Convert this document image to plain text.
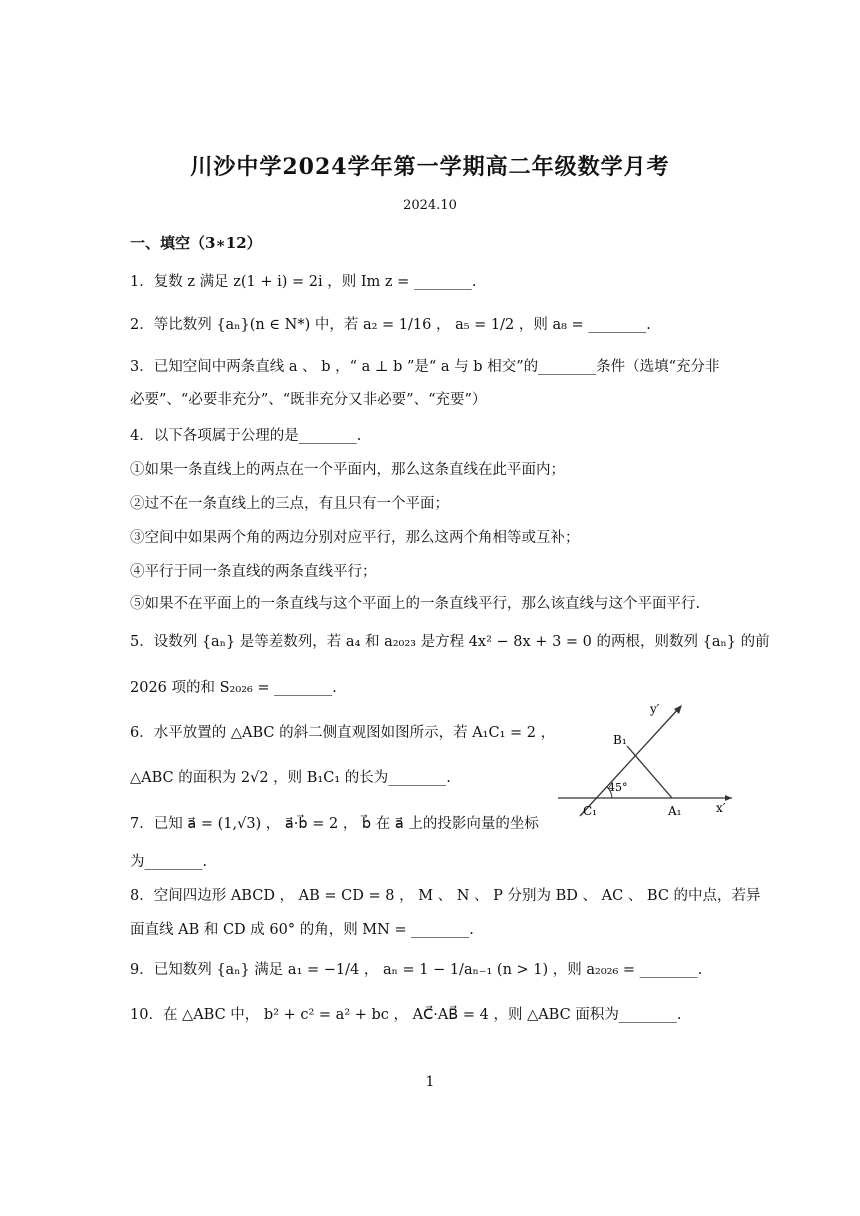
川沙中学2024学年第一学期高二年级数学月考
2024.10
一、填空（3∗12）
1．复数 z 满足 z(1 + i) = 2i ，则 Im z = ________.
2．等比数列 {aₙ}(n ∈ N*) 中，若 a₂ = 1/16 ， a₅ = 1/2 ，则 a₈ = ________.
3．已知空间中两条直线 a 、 b ，“ a ⊥ b ”是“ a 与 b 相交”的________条件（选填“充分非
必要”、“必要非充分”、“既非充分又非必要”、“充要”）
4．以下各项属于公理的是________.
①如果一条直线上的两点在一个平面内，那么这条直线在此平面内；
②过不在一条直线上的三点，有且只有一个平面；
③空间中如果两个角的两边分别对应平行，那么这两个角相等或互补；
④平行于同一条直线的两条直线平行；
⑤如果不在平面上的一条直线与这个平面上的一条直线平行，那么该直线与这个平面平行.
5．设数列 {aₙ} 是等差数列，若 a₄ 和 a₂₀₂₃ 是方程 4x² − 8x + 3 = 0 的两根，则数列 {aₙ} 的前
2026 项的和 S₂₀₂₆ = ________.
6．水平放置的 △ABC 的斜二侧直观图如图所示，若 A₁C₁ = 2 ，
△ABC 的面积为 2√2 ，则 B₁C₁ 的长为________.
7．已知 a⃗ = (1,√3) ， a⃗·b⃗ = 2 ， b⃗ 在 a⃗ 上的投影向量的坐标
为________.
8．空间四边形 ABCD ， AB = CD = 8 ， M 、 N 、 P 分别为 BD 、 AC 、 BC 的中点，若异
面直线 AB 和 CD 成 60° 的角，则 MN = ________.
9．已知数列 {aₙ} 满足 a₁ = −1/4 ， aₙ = 1 − 1/aₙ₋₁ (n > 1) ，则 a₂₀₂₆ = ________.
10．在 △ABC 中， b² + c² = a² + bc ， AC⃗·AB⃗ = 4 ，则 △ABC 面积为________.
y′
x′
B₁
C₁	A₁
45°
1
